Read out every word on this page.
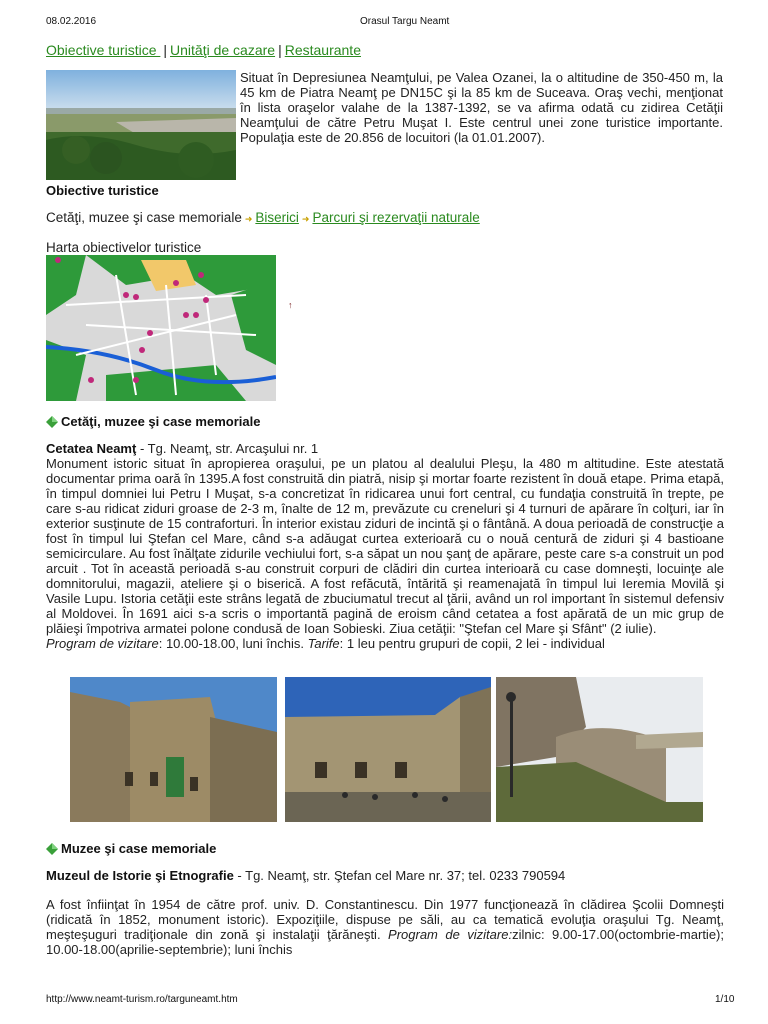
08.02.2016	Orasul Targu Neamt
Obiective turistice | Unităţi de cazare | Restaurante
Situat în Depresiunea Neamţului, pe Valea Ozanei, la o altitudine de 350-450 m, la 45 km de Piatra Neamţ pe DN15C şi la 85 km de Suceava. Oraş vechi, menţionat în lista oraşelor valahe de la 1387-1392, se va afirma odată cu zidirea Cetăţii Neamţului de către Petru Muşat I. Este centrul unei zone turistice importante. Populaţia este de 20.856 de locuitori (la 01.01.2007).
Obiective turistice
Cetăţi, muzee şi case memoriale ➜ Biserici ➜ Parcuri şi rezervaţii naturale
Harta obiectivelor turistice
↑
Cetăţi, muzee şi case memoriale
Cetatea Neamţ - Tg. Neamţ, str. Arcaşului nr. 1
Monument istoric situat în apropierea oraşului, pe un platou al dealului Pleşu, la 480 m altitudine. Este atestată documentar prima oară în 1395.A fost construită din piatră, nisip şi mortar foarte rezistent în două etape. Prima etapă, în timpul domniei lui Petru I Muşat, s-a concretizat în ridicarea unui fort central, cu fundaţia construită în trepte, pe care s-au ridicat ziduri groase de 2-3 m, înalte de 12 m, prevăzute cu creneluri şi 4 turnuri de apărare în colţuri, iar în exterior susţinute de 15 contraforturi. În interior existau ziduri de incintă şi o fântână. A doua perioadă de construcţie a fost în timpul lui Ştefan cel Mare, când s-a adăugat curtea exterioară cu o nouă centură de ziduri şi 4 bastioane semicirculare. Au fost înălţate zidurile vechiului fort, s-a săpat un nou şanţ de apărare, peste care s-a construit un pod arcuit . Tot în această perioadă s-au construit corpuri de clădiri din curtea interioară cu case domneşti, locuinţe ale domnitorului, magazii, ateliere şi o biserică. A fost refăcută, întărită şi reamenajată în timpul lui Ieremia Movilă şi Vasile Lupu. Istoria cetăţii este strâns legată de zbuciumatul trecut al ţării, având un rol important în sistemul defensiv al Moldovei. În 1691 aici s-a scris o importantă pagină de eroism când cetatea a fost apărată de un mic grup de plăieşi împotriva armatei polone condusă de Ioan Sobieski. Ziua cetăţii: "Ştefan cel Mare şi Sfânt" (2 iulie).
Program de vizitare: 10.00-18.00, luni închis. Tarife: 1 leu pentru grupuri de copii, 2 lei - individual
Muzee şi case memoriale
Muzeul de Istorie şi Etnografie - Tg. Neamţ, str. Ştefan cel Mare nr. 37; tel. 0233 790594
A fost înfiinţat în 1954 de către prof. univ. D. Constantinescu. Din 1977 funcţionează în clădirea Şcolii Domneşti (ridicată în 1852, monument istoric). Expoziţiile, dispuse pe săli, au ca tematică evoluţia oraşului Tg. Neamţ, meşteşuguri tradiţionale din zonă şi instalaţii ţărăneşti. Program de vizitare:zilnic: 9.00-17.00(octombrie-martie); 10.00-18.00(aprilie-septembrie); luni închis
http://www.neamt-turism.ro/targuneamt.htm	1/10
